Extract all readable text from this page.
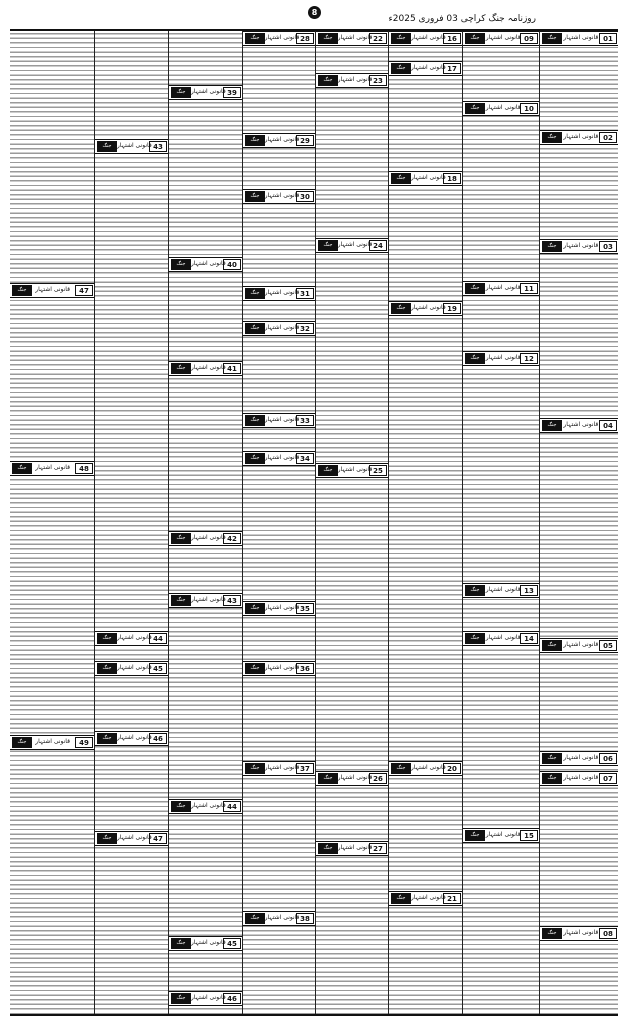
روزنامہ جنگ کراچی 03 فروری 2025ء
8
01
قانونی اشتہار
جنگ
02
قانونی اشتہار
جنگ
03
قانونی اشتہار
جنگ
04
قانونی اشتہار
جنگ
05
قانونی اشتہار
جنگ
06
قانونی اشتہار
جنگ
07
قانونی اشتہار
جنگ
08
قانونی اشتہار
جنگ
09
قانونی اشتہار
جنگ
10
قانونی اشتہار
جنگ
11
قانونی اشتہار
جنگ
12
قانونی اشتہار
جنگ
13
قانونی اشتہار
جنگ
14
قانونی اشتہار
جنگ
15
قانونی اشتہار
جنگ
16
قانونی اشتہار
جنگ
17
قانونی اشتہار
جنگ
18
قانونی اشتہار
جنگ
19
قانونی اشتہار
جنگ
20
قانونی اشتہار
جنگ
21
قانونی اشتہار
جنگ
22
قانونی اشتہار
جنگ
23
قانونی اشتہار
جنگ
24
قانونی اشتہار
جنگ
25
قانونی اشتہار
جنگ
26
قانونی اشتہار
جنگ
27
قانونی اشتہار
جنگ
28
قانونی اشتہار
جنگ
29
قانونی اشتہار
جنگ
30
قانونی اشتہار
جنگ
31
قانونی اشتہار
جنگ
32
قانونی اشتہار
جنگ
33
قانونی اشتہار
جنگ
34
قانونی اشتہار
جنگ
35
قانونی اشتہار
جنگ
36
قانونی اشتہار
جنگ
37
قانونی اشتہار
جنگ
38
قانونی اشتہار
جنگ
39
قانونی اشتہار
جنگ
40
قانونی اشتہار
جنگ
41
قانونی اشتہار
جنگ
42
قانونی اشتہار
جنگ
43
قانونی اشتہار
جنگ
44
قانونی اشتہار
جنگ
45
قانونی اشتہار
جنگ
46
قانونی اشتہار
جنگ
43
قانونی اشتہار
جنگ
44
قانونی اشتہار
جنگ
45
قانونی اشتہار
جنگ
46
قانونی اشتہار
جنگ
47
قانونی اشتہار
جنگ
47
قانونی اشتہار
جنگ
48
قانونی اشتہار
جنگ
49
قانونی اشتہار
جنگ
